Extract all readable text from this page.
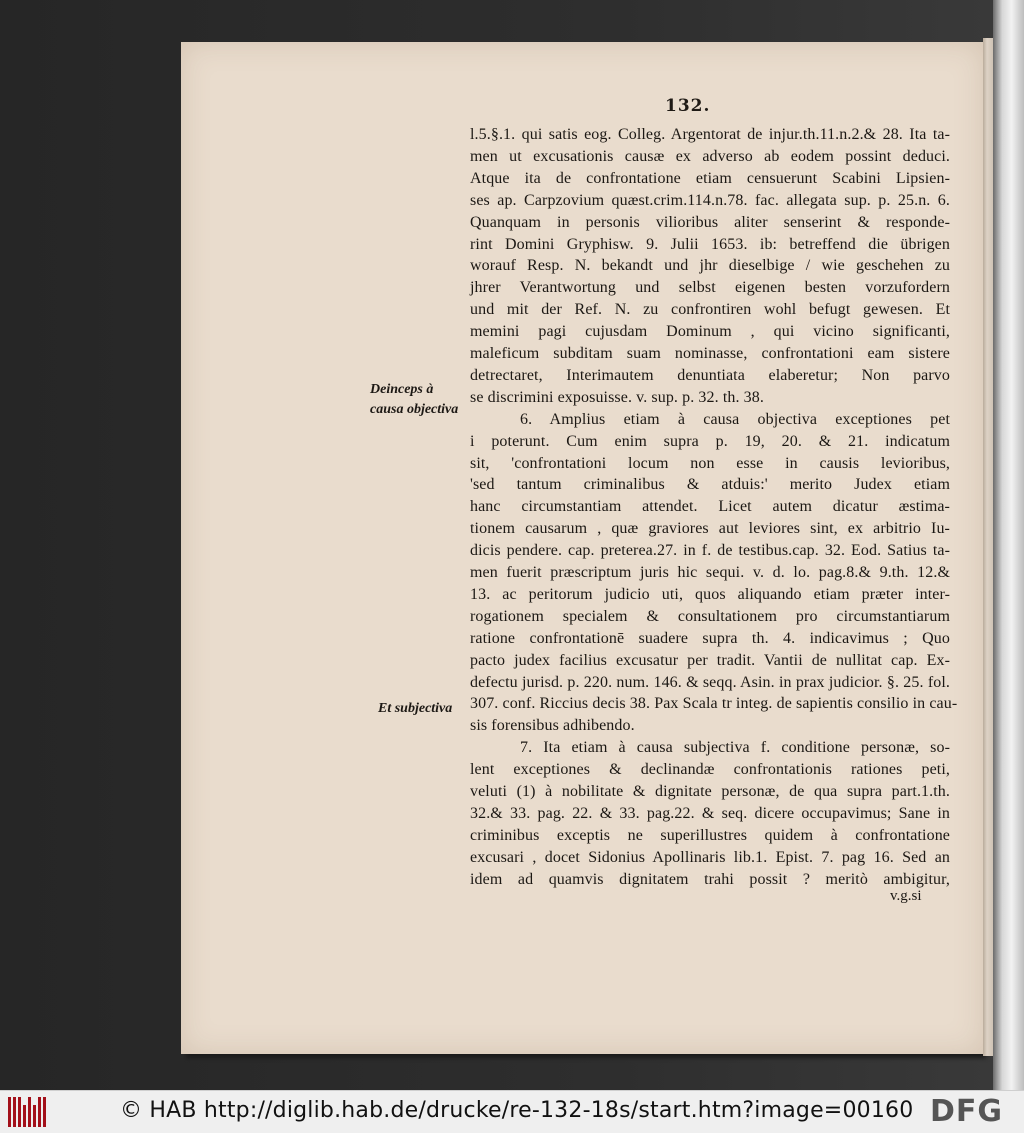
132.
l.5.§.1. qui satis eog. Colleg. Argentorat de injur.th.11.n.2.& 28. Ita ta-
men ut excusationis causæ ex adverso ab eodem possint deduci.
Atque ita de confrontatione etiam censuerunt Scabini Lipsien-
ses ap. Carpzovium quæst.crim.114.n.78. fac. allegata sup. p. 25.n. 6.
Quanquam in personis vilioribus aliter senserint & responde-
rint Domini Gryphisw. 9. Julii 1653. ib: betreffend die übrigen
worauf Resp. N. bekandt und jhr dieselbige / wie geschehen zu
jhrer Verantwortung und selbst eigenen besten vorzufordern
und mit der Ref. N. zu confrontiren wohl befugt gewesen. Et
memini pagi cujusdam Dominum , qui vicino significanti,
maleficum subditam suam nominasse, confrontationi eam sistere
detrectaret, Interimautem denuntiata elaberetur; Non parvo
se discrimini exposuisse. v. sup. p. 32. th. 38.
6. Amplius etiam à causa objectiva exceptiones pet
i poterunt. Cum enim supra p. 19, 20. & 21. indicatum
sit, 'confrontationi locum non esse in causis levioribus,
'sed tantum criminalibus & atduis:' merito Judex etiam
hanc circumstantiam attendet. Licet autem dicatur æstima-
tionem causarum , quæ graviores aut leviores sint, ex arbitrio Iu-
dicis pendere. cap. preterea.27. in f. de testibus.cap. 32. Eod. Satius ta-
men fuerit præscriptum juris hic sequi. v. d. lo. pag.8.& 9.th. 12.&
13. ac peritorum judicio uti, quos aliquando etiam præter inter-
rogationem specialem & consultationem pro circumstantiarum
ratione confrontationē suadere supra th. 4. indicavimus ; Quo
pacto judex facilius excusatur per tradit. Vantii de nullitat cap. Ex-
defectu jurisd. p. 220. num. 146. & seqq. Asin. in prax judicior. §. 25. fol.
307. conf. Riccius decis 38. Pax Scala tr integ. de sapientis consilio in cau-
sis forensibus adhibendo.
7. Ita etiam à causa subjectiva f. conditione personæ, so-
lent exceptiones & declinandæ confrontationis rationes peti,
veluti (1) à nobilitate & dignitate personæ, de qua supra part.1.th.
32.& 33. pag. 22. & 33. pag.22. & seq. dicere occupavimus; Sane in
criminibus exceptis ne superillustres quidem à confrontatione
excusari , docet Sidonius Apollinaris lib.1. Epist. 7. pag 16. Sed an
idem ad quamvis dignitatem trahi possit ? meritò ambigitur,
Deinceps à causa objectiva
Et subjectiva
v.g.si
© HAB http://diglib.hab.de/drucke/re-132-18s/start.htm?image=00160 DFG
